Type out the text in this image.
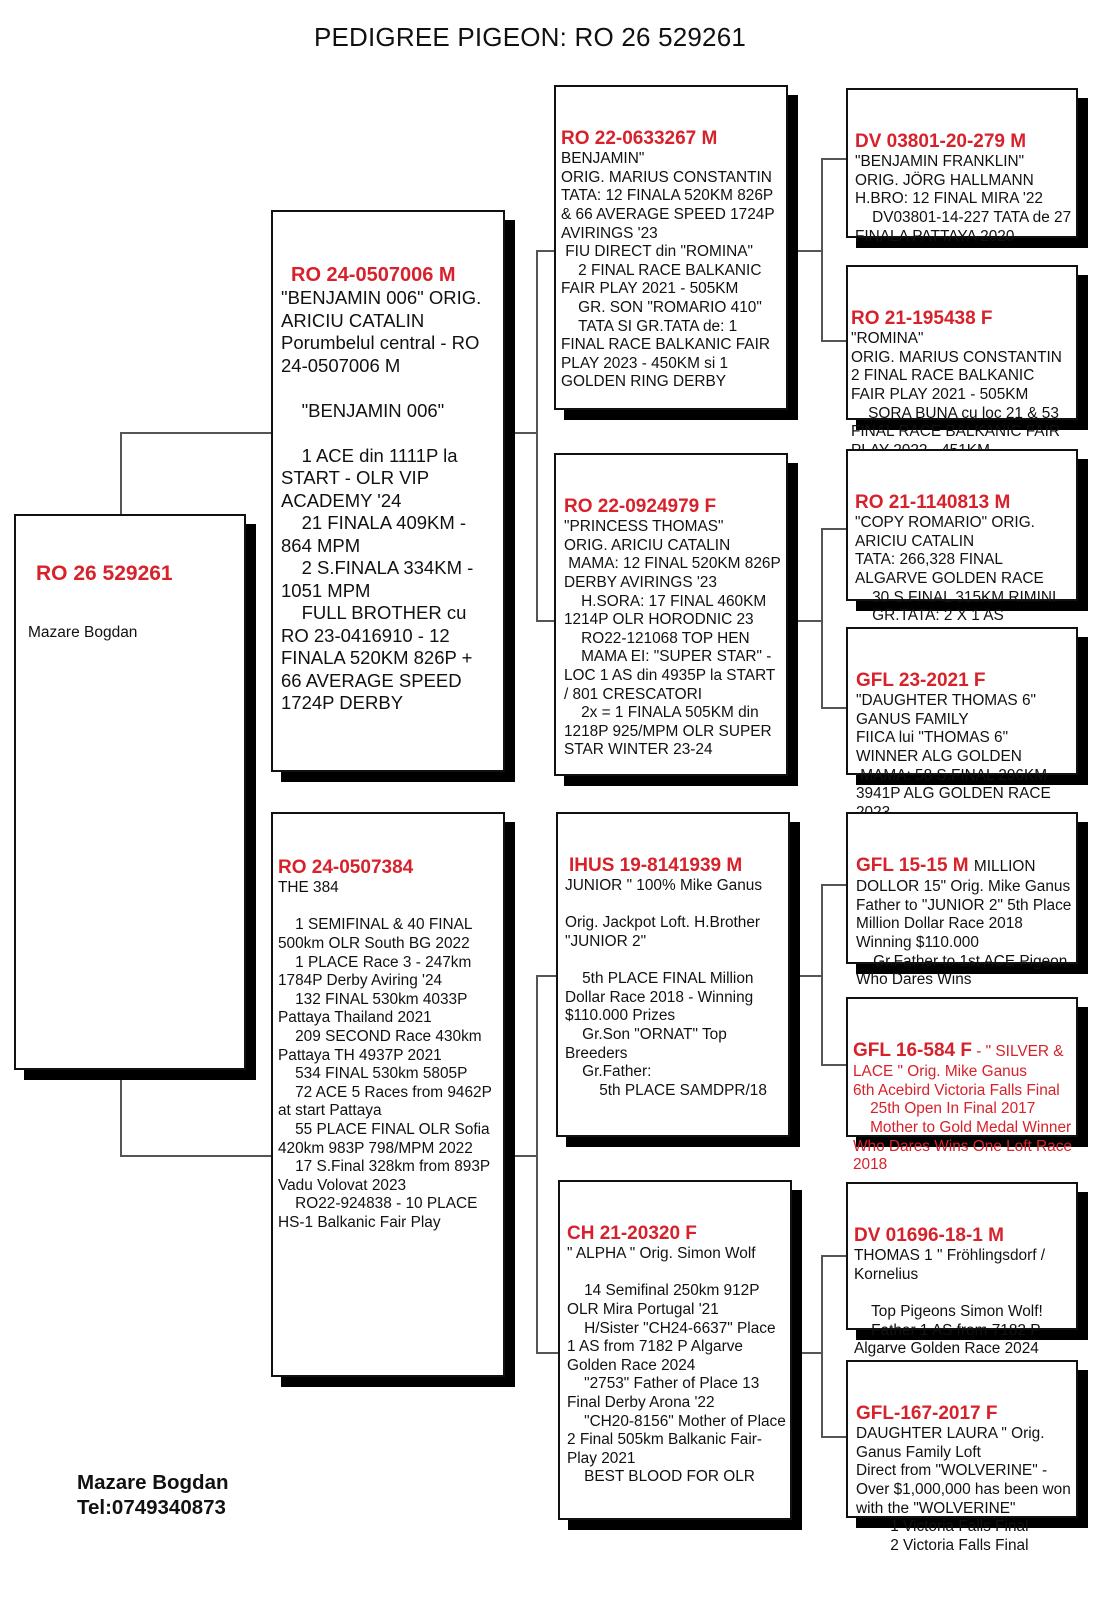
PEDIGREE PIGEON: RO 26 529261

RO 26 529261

Mazare Bogdan

RO 24-0507006 M
"BENJAMIN 006" ORIG. ARICIU CATALIN
Porumbelul central - RO 24-0507006 M

"BENJAMIN 006"

1 ACE din 1111P la START - OLR VIP ACADEMY '24
21 FINALA 409KM - 864 MPM
2 S.FINALA 334KM - 1051 MPM
FULL BROTHER cu RO 23-0416910 - 12 FINALA 520KM 826P + 66 AVERAGE SPEED 1724P DERBY

RO 24-0507384
THE 384

1 SEMIFINAL & 40 FINAL 500km OLR South BG 2022
1 PLACE Race 3 - 247km 1784P Derby Aviring '24
132 FINAL 530km 4033P Pattaya Thailand 2021
209 SECOND Race 430km Pattaya TH 4937P 2021
534 FINAL 530km 5805P
72 ACE 5 Races from 9462P at start Pattaya
55 PLACE FINAL OLR Sofia 420km 983P 798/MPM 2022
17 S.Final 328km from 893P Vadu Volovat 2023
RO22-924838 - 10 PLACE HS-1 Balkanic Fair Play

RO 22-0633267 M
BENJAMIN"
ORIG. MARIUS CONSTANTIN
TATA: 12 FINALA 520KM 826P & 66 AVERAGE SPEED 1724P AVIRINGS '23
FIU DIRECT din "ROMINA"
2 FINAL RACE BALKANIC FAIR PLAY 2021 - 505KM
GR. SON "ROMARIO 410"
TATA SI GR.TATA de: 1 FINAL RACE BALKANIC FAIR PLAY 2023 - 450KM si 1 GOLDEN RING DERBY

RO 22-0924979 F
"PRINCESS THOMAS"
ORIG. ARICIU CATALIN
MAMA: 12 FINAL 520KM 826P DERBY AVIRINGS '23
H.SORA: 17 FINAL 460KM 1214P OLR HORODNIC 23
RO22-121068 TOP HEN
MAMA EI: "SUPER STAR" - LOC 1 AS din 4935P la START / 801 CRESCATORI
2x = 1 FINALA 505KM din 1218P 925/MPM OLR SUPER STAR WINTER 23-24

IHUS 19-8141939 M
JUNIOR " 100% Mike Ganus

Orig. Jackpot Loft. H.Brother "JUNIOR 2"

5th PLACE FINAL Million Dollar Race 2018 - Winning $110.000 Prizes
Gr.Son "ORNAT" Top Breeders
Gr.Father:
5th PLACE SAMDPR/18

CH 21-20320 F
" ALPHA " Orig. Simon Wolf

14 Semifinal 250km 912P OLR Mira Portugal '21
H/Sister "CH24-6637" Place 1 AS from 7182 P Algarve Golden Race 2024
"2753" Father of Place 13 Final Derby Arona '22
"CH20-8156" Mother of Place 2 Final 505km Balkanic Fair-Play 2021
BEST BLOOD FOR OLR

DV 03801-20-279 M
"BENJAMIN FRANKLIN"
ORIG. JÖRG HALLMANN
H.BRO: 12 FINAL MIRA '22
DV03801-14-227 TATA de 27 FINALA PATTAYA 2020

RO 21-195438 F
"ROMINA"
ORIG. MARIUS CONSTANTIN
2 FINAL RACE BALKANIC FAIR PLAY 2021 - 505KM
SORA BUNA cu loc 21 & 53 FINAL RACE BALKANIC FAIR

RO 21-1140813 M
"COPY ROMARIO" ORIG. ARICIU CATALIN
TATA: 266,328 FINAL ALGARVE GOLDEN RACE
30 S.FINAL 315KM RIMINI
GR.TATA: 2 X 1 AS

GFL 23-2021 F
"DAUGHTER THOMAS 6" GANUS FAMILY
FIICA lui "THOMAS 6" WINNER ALG GOLDEN
MAMA: 58 S.FINAL 296KM 3941P ALG GOLDEN RACE

GFL 15-15 M MILLION
DOLLOR 15" Orig. Mike Ganus Father to "JUNIOR 2" 5th Place Million Dollar Race 2018 Winning $110.000
Gr.Father to 1st ACE Pigeon Who Dares Wins

GFL 16-584 F - " SILVER &
LACE " Orig. Mike Ganus
6th Acebird Victoria Falls Final
25th Open In Final 2017
Mother to Gold Medal Winner Who Dares Wins One Loft Race 2018

DV 01696-18-1 M
THOMAS 1 " Fröhlingsdorf / Kornelius

Top Pigeons Simon Wolf!
Father 1 AS from 7182 P Algarve Golden Race 2024

GFL-167-2017 F
DAUGHTER LAURA " Orig. Ganus Family Loft
Direct from "WOLVERINE" - Over $1,000,000 has been won with the "WOLVERINE"
1 Victoria Falls Final
2 Victoria Falls Final

Mazare Bogdan
Tel:0749340873
